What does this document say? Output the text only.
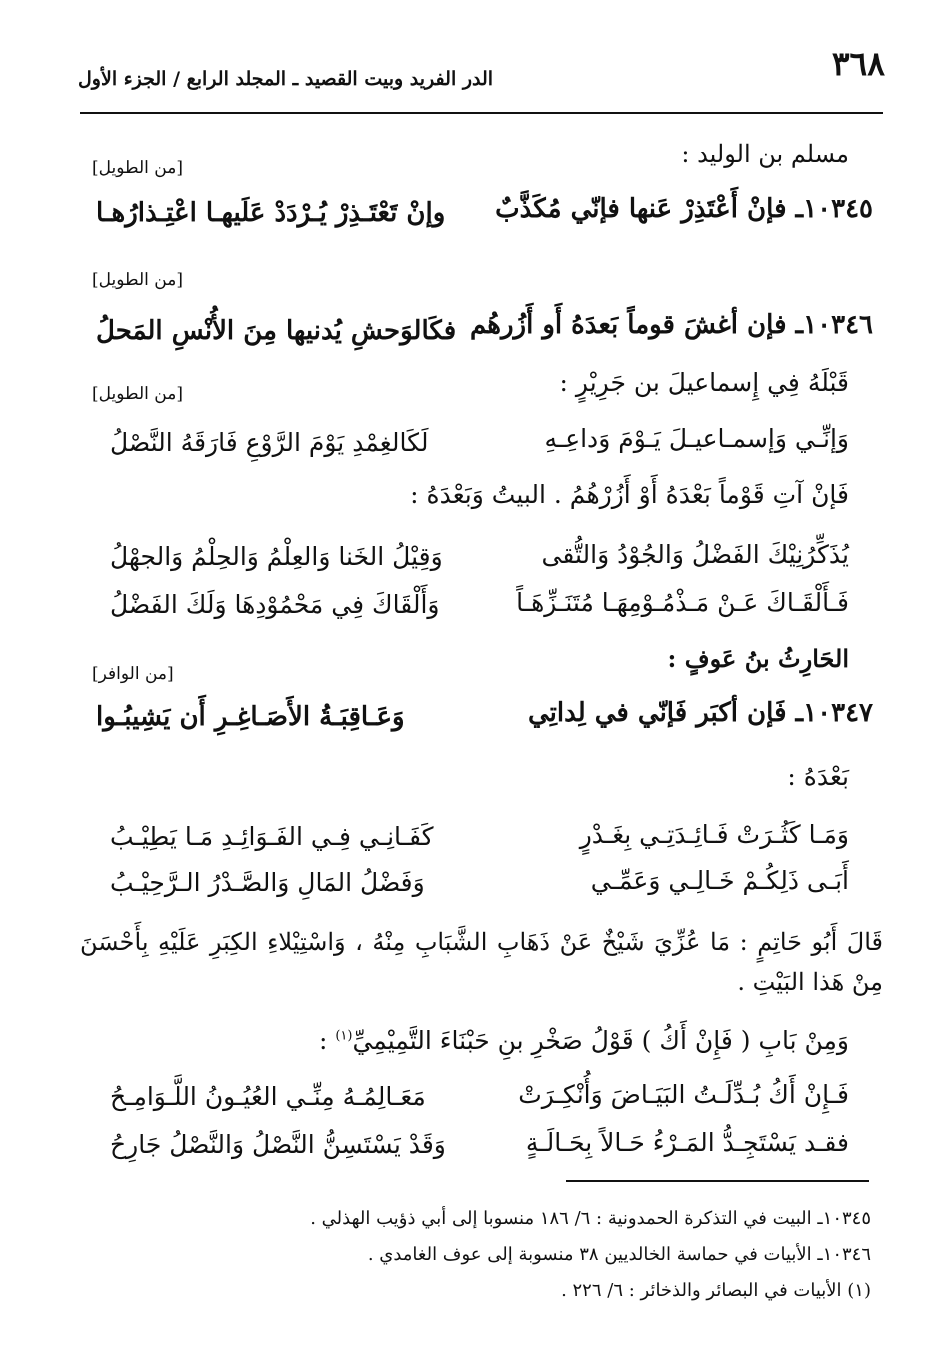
٣٦٨
الدر الفريد وبيت القصيد ـ المجلد الرابع / الجزء الأول
مسلم بن الوليد :
[من الطويل]
١٠٣٤٥ـ فإنْ أَعْتَذِرْ عَنها فإنّي مُكَذَّبٌ
وإنْ تَعْتَـذِرْ يُـرْدَدْ عَلَيهـا اعْتِـذارُهـا
[من الطويل]
١٠٣٤٦ـ فإن أغشَ قوماً بَعدَهُ أَو أَزُرهُم
فكَالوَحشِ يُدنيها مِنَ الأُنْسِ المَحلُ
قَبْلَهُ فِي إِسماعيلَ بن جَرِيْرٍ :
[من الطويل]
وَإنِّـي وَإسمـاعيـلَ يَـوْمَ وَداعِـهِ
لَكَالغِمْدِ يَوْمَ الرَّوْعِ فَارَقَهُ النَّصْلُ
فَإنْ آتِ قَوْماً بَعْدَهُ أَوْ أَزُرْهُمُ . البيتُ وَبَعْدَهُ :
يُذَكِّرُنِيْكَ الفَضْلُ وَالجُوْدُ وَالتُّقى
وَقِيْلُ الخَنا وَالعِلْمُ وَالحِلْمُ وَالجهْلُ
فَـأَلْقَـاكَ عَـنْ مَـذْمُـوْمِهَـا مُتَنَـزِّهَـاً
وَأَلْقَاكَ فِي مَحْمُوْدِهَا وَلَكَ الفَضْلُ
الحَارِثُ بنُ عَوفٍ :
[من الوافر]
١٠٣٤٧ـ فَإن أكبَر فَإنّي في لِداتِي
وَعَـاقِبَـةُ الأَصَـاغِـرِ أَن يَشِيبُـوا
بَعْدَهُ :
وَمَـا كَثُـرَتْ فَـائِـدَتِـي بِغَـدْرٍ
كَفَـانِـي فِـي الفَـوَائِـدِ مَـا يَطِيْـبُ
أَبَـى ذَلِكُـمْ خَـالِـي وَعَمِّـي
وَفَضْلُ المَالِ وَالصَّـدْرُ الـرَّحِيْـبُ
قَالَ أَبُو حَاتِمٍ : مَا عُزِّيَ شَيْخٌ عَنْ ذَهَابِ الشَّبَابِ مِنْهُ ، وَاسْتِيْلاءِ الكِبَرِ عَلَيْهِ بِأَحْسَنَ مِنْ هَذا البَيْتِ .
وَمِنْ بَابِ ( فَإِنْ أَكُ ) قَوْلُ صَخْرِ بنِ حَبْنَاءَ التَّمِيْمِيِّ$^{(١)}$ :
فَـإِنْ أَكُ بُـدِّلَـتُ البَيَـاضَ وَأُنْكِـرَتْ
مَعَـالِمُـهُ مِنِّـي العُيُـونُ اللَّـوَامِـحُ
فقـد يَسْتَجِـدُّ المَـرْءُ حَـالاً بِحَـالَـةٍ
وَقَدْ يَسْتَسِنُّ النَّصْلُ وَالنَّصْلُ جَارِحُ
١٠٣٤٥ـ البيت في التذكرة الحمدونية : ٦/ ١٨٦ منسوبا إلى أبي ذؤيب الهذلي .
١٠٣٤٦ـ الأبيات في حماسة الخالديين ٣٨ منسوبة إلى عوف الغامدي .
(١) الأبيات في البصائر والذخائر : ٦/ ٢٢٦ .
